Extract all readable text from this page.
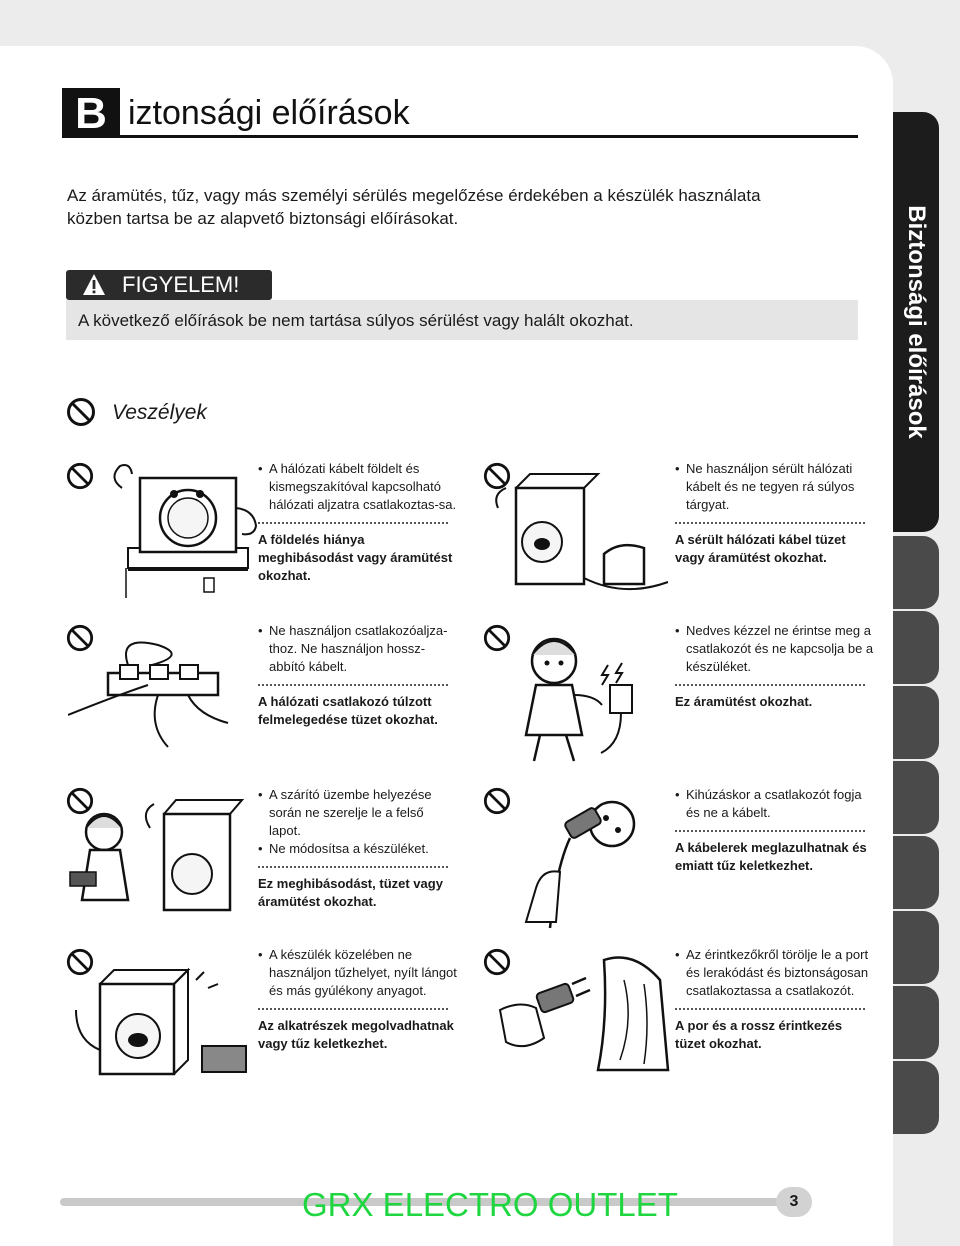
B iztonsági előírások
Az áramütés, tűz, vagy más személyi sérülés megelőzése érdekében a készülék használata közben tartsa be az alapvető biztonsági előírásokat.
FIGYELEM!
A következő előírások be nem tartása súlyos sérülést vagy halált okozhat.
Veszélyek	Biztonsági előírások
• A hálózati kábelt földelt és kismegszakítóval kapcsolható hálózati aljzatra csatlakoztas-sa.
A földelés hiánya meghibásodást vagy áramütést okozhat.
• Ne használjon sérült hálózati kábelt és ne tegyen rá súlyos tárgyat.
A sérült hálózati kábel tüzet vagy áramütést okozhat.
• Ne használjon csatlakozóaljza-thoz. Ne használjon hossz-abbító kábelt.
A hálózati csatlakozó túlzott felmelegedése tüzet okozhat.
• Nedves kézzel ne érintse meg a csatlakozót és ne kapcsolja be a készüléket.
Ez áramütést okozhat.
• A szárító üzembe helyezése során ne szerelje le a felső lapot.
• Ne módosítsa a készüléket.
Ez meghibásodást, tüzet vagy áramütést okozhat.
• Kihúzáskor a csatlakozót fogja és ne a kábelt.
A kábelerek meglazulhatnak és emiatt tűz keletkezhet.
• A készülék közelében ne használjon tűzhelyet, nyílt lángot és más gyúlékony anyagot.
Az alkatrészek megolvadhatnak vagy tűz keletkezhet.
• Az érintkezőkről törölje le a port és lerakódást és biztonságosan csatlakoztassa a csatlakozót.
A por és a rossz érintkezés tüzet okozhat.
GRX ELECTRO OUTLET	3
